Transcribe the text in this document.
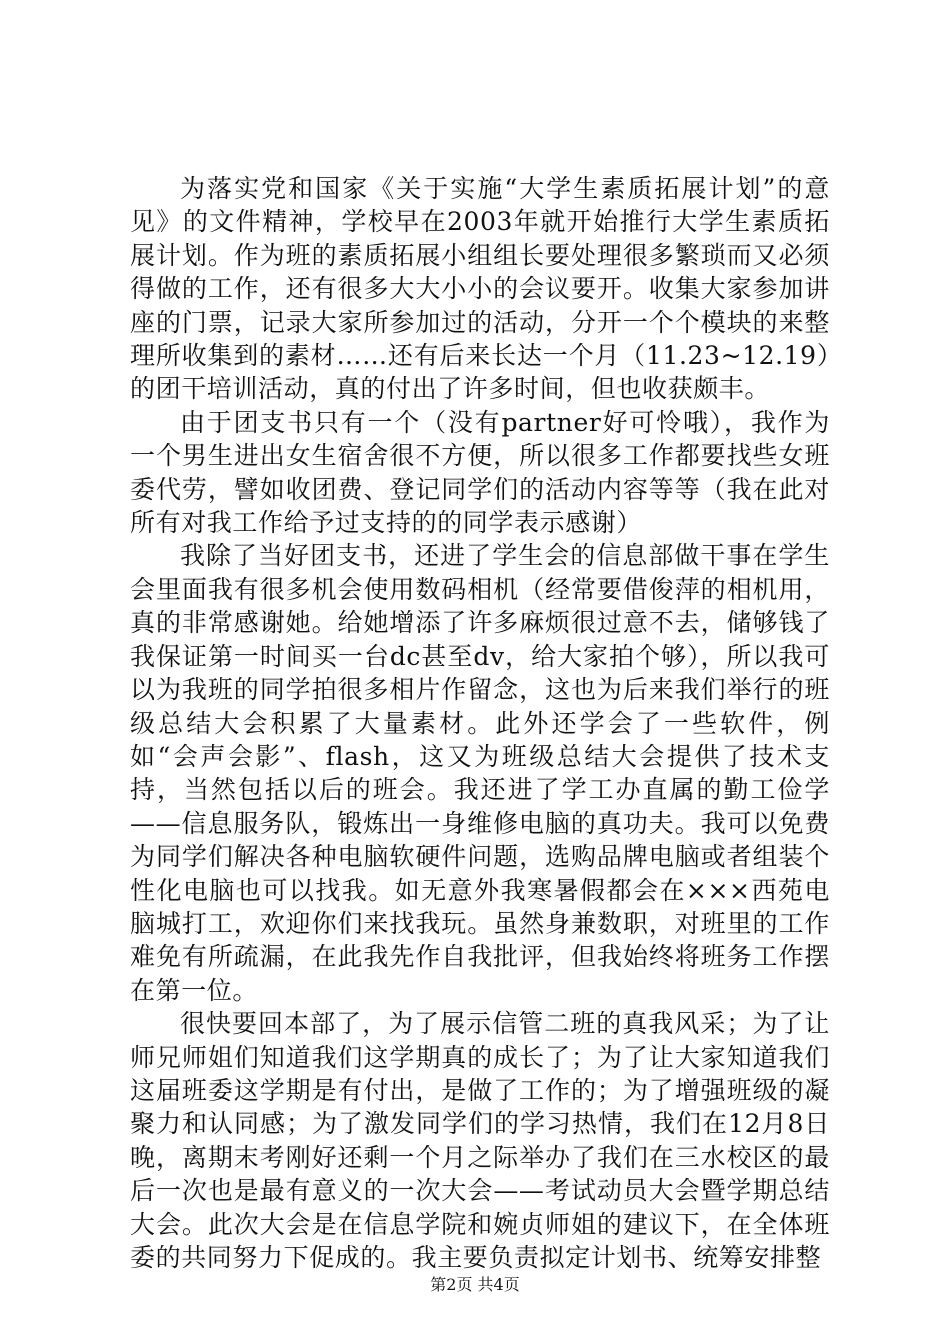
为落实党和国家《关于实施“大学生素质拓展计划”的意见》的文件精神，学校早在2003年就开始推行大学生素质拓展计划。作为班的素质拓展小组组长要处理很多繁琐而又必须得做的工作，还有很多大大小小的会议要开。收集大家参加讲座的门票，记录大家所参加过的活动，分开一个个模块的来整理所收集到的素材……还有后来长达一个月（11.23~12.19）的团干培训活动，真的付出了许多时间，但也收获颇丰。

由于团支书只有一个（没有partner好可怜哦），我作为一个男生进出女生宿舍很不方便，所以很多工作都要找些女班委代劳，譬如收团费、登记同学们的活动内容等等（我在此对所有对我工作给予过支持的的同学表示感谢）

我除了当好团支书，还进了学生会的信息部做干事在学生会里面我有很多机会使用数码相机（经常要借俊萍的相机用，真的非常感谢她。给她增添了许多麻烦很过意不去，储够钱了我保证第一时间买一台dc甚至dv，给大家拍个够），所以我可以为我班的同学拍很多相片作留念，这也为后来我们举行的班级总结大会积累了大量素材。此外还学会了一些软件，例如“会声会影”、flash，这又为班级总结大会提供了技术支持，当然包括以后的班会。我还进了学工办直属的勤工俭学——信息服务队，锻炼出一身维修电脑的真功夫。我可以免费为同学们解决各种电脑软硬件问题，选购品牌电脑或者组装个性化电脑也可以找我。如无意外我寒暑假都会在×××西苑电脑城打工，欢迎你们来找我玩。虽然身兼数职，对班里的工作难免有所疏漏，在此我先作自我批评，但我始终将班务工作摆在第一位。

很快要回本部了，为了展示信管二班的真我风采；为了让师兄师姐们知道我们这学期真的成长了；为了让大家知道我们这届班委这学期是有付出，是做了工作的；为了增强班级的凝聚力和认同感；为了激发同学们的学习热情，我们在12月8日晚，离期末考刚好还剩一个月之际举办了我们在三水校区的最后一次也是最有意义的一次大会——考试动员大会暨学期总结大会。此次大会是在信息学院和婉贞师姐的建议下，在全体班委的共同努力下促成的。我主要负责拟定计划书、统筹安排整

第2页 共4页
